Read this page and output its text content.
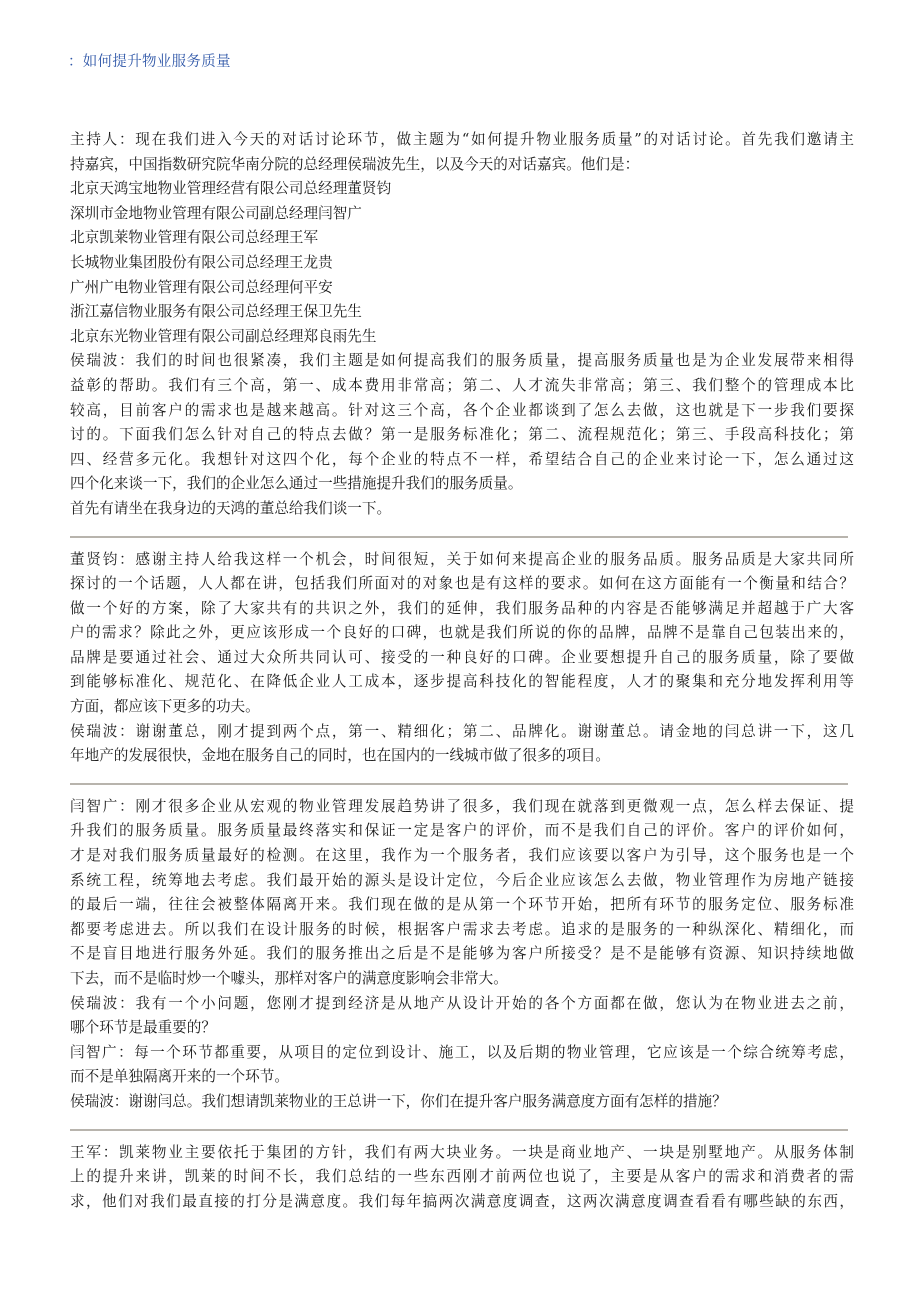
：如何提升物业服务质量
主持人：现在我们进入今天的对话讨论环节，做主题为“如何提升物业服务质量”的对话讨论。首先我们邀请主
持嘉宾，中国指数研究院华南分院的总经理侯瑞波先生，以及今天的对话嘉宾。他们是：
北京天鸿宝地物业管理经营有限公司总经理董贤钧
深圳市金地物业管理有限公司副总经理闫智广
北京凯莱物业管理有限公司总经理王军
长城物业集团股份有限公司总经理王龙贵
广州广电物业管理有限公司总经理何平安
浙江嘉信物业服务有限公司总经理王保卫先生
北京东光物业管理有限公司副总经理郑良雨先生
侯瑞波：我们的时间也很紧凑，我们主题是如何提高我们的服务质量，提高服务质量也是为企业发展带来相得
益彰的帮助。我们有三个高，第一、成本费用非常高；第二、人才流失非常高；第三、我们整个的管理成本比
较高，目前客户的需求也是越来越高。针对这三个高，各个企业都谈到了怎么去做，这也就是下一步我们要探
讨的。下面我们怎么针对自己的特点去做？第一是服务标准化；第二、流程规范化；第三、手段高科技化；第
四、经营多元化。我想针对这四个化，每个企业的特点不一样，希望结合自己的企业来讨论一下，怎么通过这
四个化来谈一下，我们的企业怎么通过一些措施提升我们的服务质量。
首先有请坐在我身边的天鸿的董总给我们谈一下。
董贤钧：感谢主持人给我这样一个机会，时间很短，关于如何来提高企业的服务品质。服务品质是大家共同所
探讨的一个话题，人人都在讲，包括我们所面对的对象也是有这样的要求。如何在这方面能有一个衡量和结合？
做一个好的方案，除了大家共有的共识之外，我们的延伸，我们服务品种的内容是否能够满足并超越于广大客
户的需求？除此之外，更应该形成一个良好的口碑，也就是我们所说的你的品牌，品牌不是靠自己包装出来的，
品牌是要通过社会、通过大众所共同认可、接受的一种良好的口碑。企业要想提升自己的服务质量，除了要做
到能够标准化、规范化、在降低企业人工成本，逐步提高科技化的智能程度，人才的聚集和充分地发挥利用等
方面，都应该下更多的功夫。
侯瑞波：谢谢董总，刚才提到两个点，第一、精细化；第二、品牌化。谢谢董总。请金地的闫总讲一下，这几
年地产的发展很快，金地在服务自己的同时，也在国内的一线城市做了很多的项目。
闫智广：刚才很多企业从宏观的物业管理发展趋势讲了很多，我们现在就落到更微观一点，怎么样去保证、提
升我们的服务质量。服务质量最终落实和保证一定是客户的评价，而不是我们自己的评价。客户的评价如何，
才是对我们服务质量最好的检测。在这里，我作为一个服务者，我们应该要以客户为引导，这个服务也是一个
系统工程，统筹地去考虑。我们最开始的源头是设计定位，今后企业应该怎么去做，物业管理作为房地产链接
的最后一端，往往会被整体隔离开来。我们现在做的是从第一个环节开始，把所有环节的服务定位、服务标准
都要考虑进去。所以我们在设计服务的时候，根据客户需求去考虑。追求的是服务的一种纵深化、精细化，而
不是盲目地进行服务外延。我们的服务推出之后是不是能够为客户所接受？是不是能够有资源、知识持续地做
下去，而不是临时炒一个噱头，那样对客户的满意度影响会非常大。
侯瑞波：我有一个小问题，您刚才提到经济是从地产从设计开始的各个方面都在做，您认为在物业进去之前，
哪个环节是最重要的？
闫智广：每一个环节都重要，从项目的定位到设计、施工，以及后期的物业管理，它应该是一个综合统筹考虑，
而不是单独隔离开来的一个环节。
侯瑞波：谢谢闫总。我们想请凯莱物业的王总讲一下，你们在提升客户服务满意度方面有怎样的措施？
王军：凯莱物业主要依托于集团的方针，我们有两大块业务。一块是商业地产、一块是别墅地产。从服务体制
上的提升来讲，凯莱的时间不长，我们总结的一些东西刚才前两位也说了，主要是从客户的需求和消费者的需
求，他们对我们最直接的打分是满意度。我们每年搞两次满意度调查，这两次满意度调查看看有哪些缺的东西，
